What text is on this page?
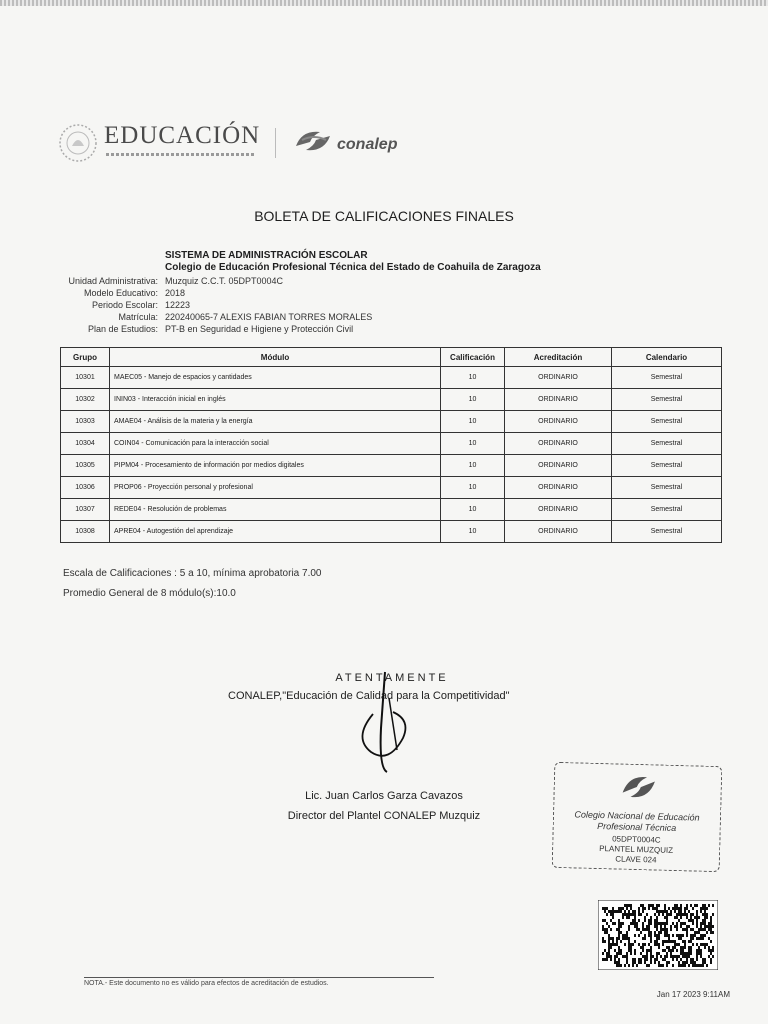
EDUCACIÓN	conalep
BOLETA DE CALIFICACIONES FINALES
SISTEMA DE ADMINISTRACIÓN ESCOLAR
Colegio de Educación Profesional Técnica del Estado de Coahuila de Zaragoza
Unidad Administrativa: Muzquiz C.C.T. 05DPT0004C
Modelo Educativo: 2018
Periodo Escolar: 12223
Matrícula: 220240065-7 ALEXIS FABIAN TORRES MORALES
Plan de Estudios: PT-B en Seguridad e Higiene y Protección Civil
Grupo	Módulo	Calificación	Acreditación	Calendario
10301	MAEC05 - Manejo de espacios y cantidades	10	ORDINARIO	Semestral
10302	ININ03 - Interacción inicial en inglés	10	ORDINARIO	Semestral
10303	AMAE04 - Análisis de la materia y la energía	10	ORDINARIO	Semestral
10304	COIN04 - Comunicación para la interacción social	10	ORDINARIO	Semestral
10305	PIPM04 - Procesamiento de información por medios digitales	10	ORDINARIO	Semestral
10306	PROP06 - Proyección personal y profesional	10	ORDINARIO	Semestral
10307	REDE04 - Resolución de problemas	10	ORDINARIO	Semestral
10308	APRE04 - Autogestión del aprendizaje	10	ORDINARIO	Semestral
Escala de Calificaciones : 5 a 10, mínima aprobatoria 7.00
Promedio General de 8 módulo(s):10.0
ATENTAMENTE
CONALEP,"Educación de Calidad para la Competitividad"
Lic. Juan Carlos Garza Cavazos
Director del Plantel CONALEP Muzquiz	Colegio Nacional de Educación
Profesional Técnica
05DPT0004C
PLANTEL MUZQUIZ
CLAVE 024
NOTA.- Este documento no es válido para efectos de acreditación de estudios.
Jan 17 2023 9:11AM
